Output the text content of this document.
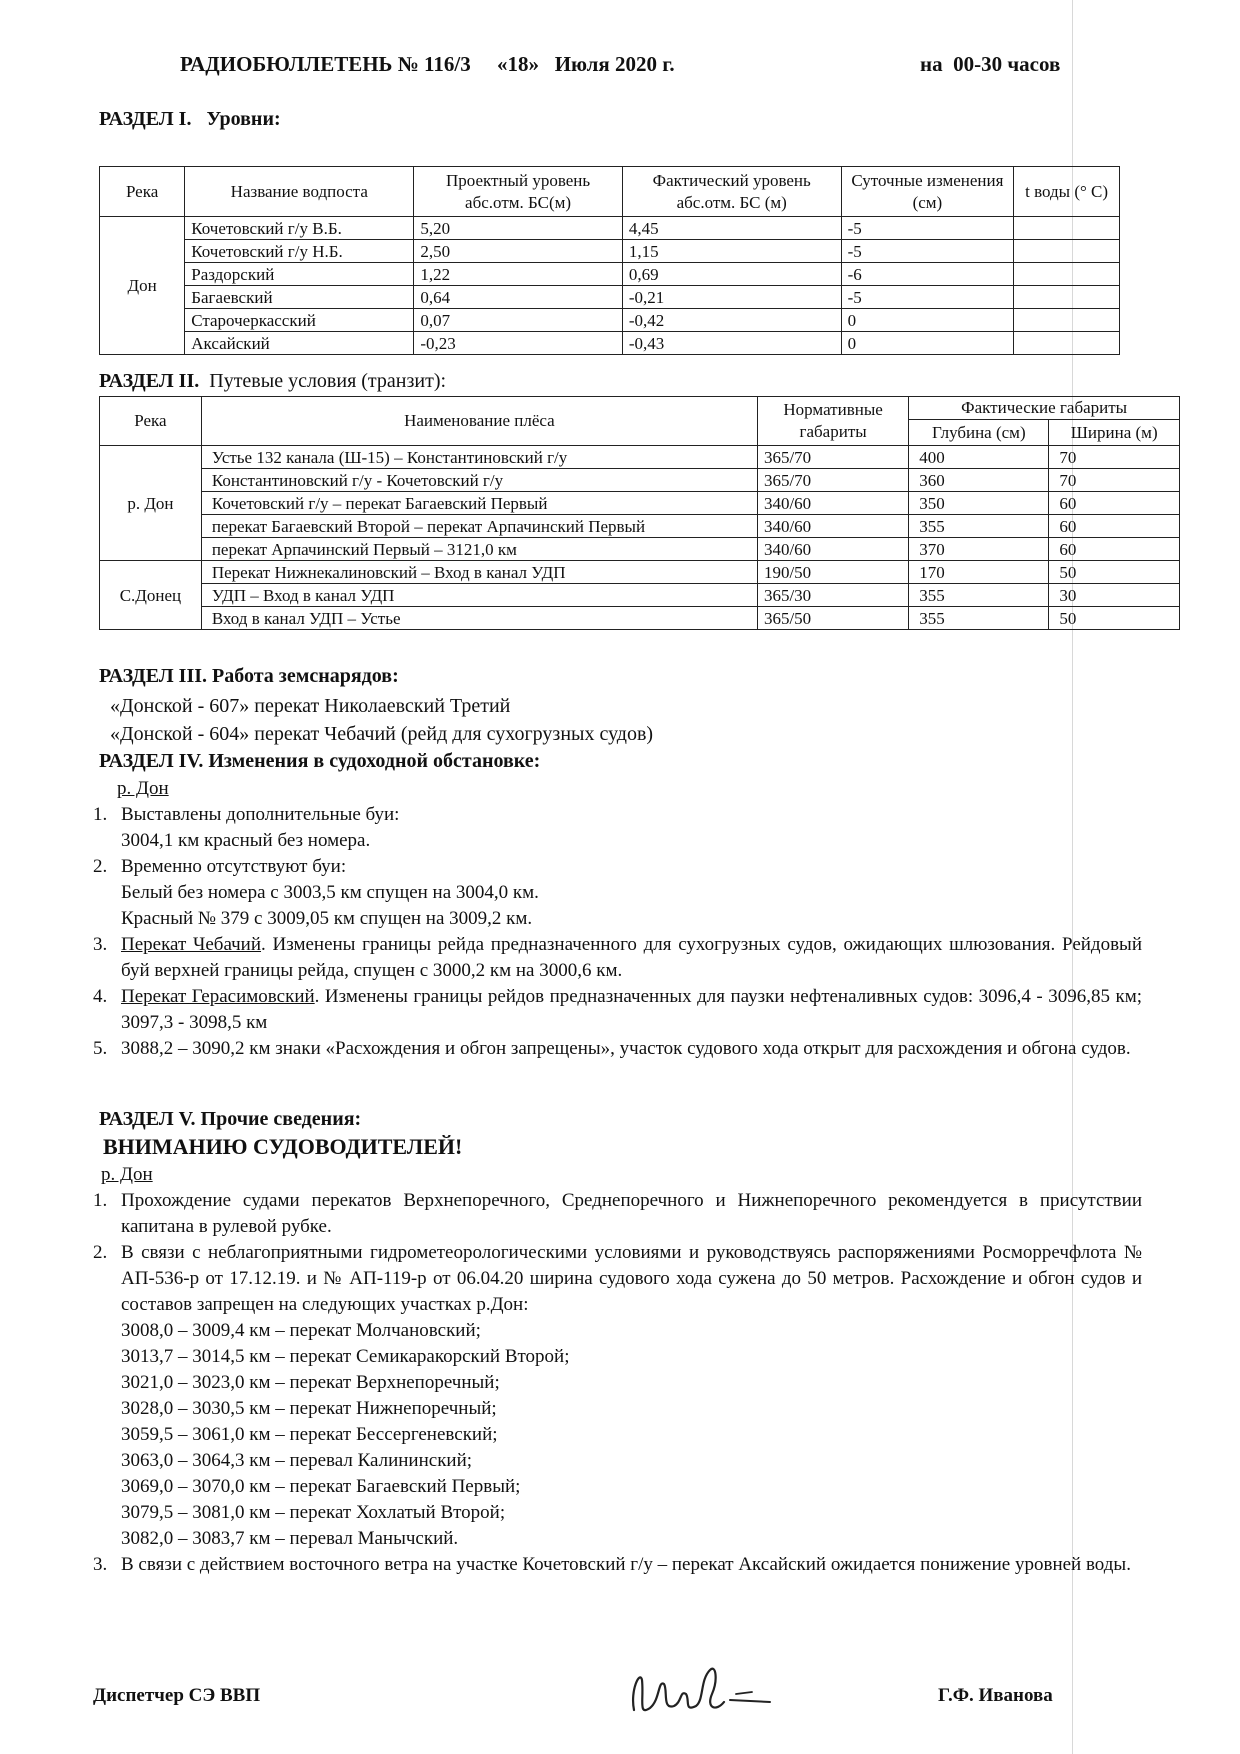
РАДИОБЮЛЛЕТЕНЬ № 116/3     «18»   Июля 2020 г.	на  00-30 часов
РАЗДЕЛ I. Уровни:
Река	Название водпоста	Проектный уровень абс.отм. БС(м)	Фактический уровень абс.отм. БС (м)	Суточные изменения (см)	t воды (° С)
Дон	Кочетовский г/у В.Б.	5,20	4,45	-5	
	Кочетовский г/у Н.Б.	2,50	1,15	-5	
	Раздорский	1,22	0,69	-6	
	Багаевский	0,64	-0,21	-5	
	Старочеркасский	0,07	-0,42	0	
	Аксайский	-0,23	-0,43	0	
РАЗДЕЛ II. Путевые условия (транзит):
Река	Наименование плёса	Нормативные габариты	Фактические габариты	
			Глубина (см)	Ширина (м)
р. Дон	Устье 132 канала (Ш-15) – Константиновский г/у	365/70	400	70
	Константиновский г/у - Кочетовский г/у	365/70	360	70
	Кочетовский г/у – перекат Багаевский Первый	340/60	350	60
	перекат Багаевский Второй – перекат Арпачинский Первый	340/60	355	60
	перекат Арпачинский Первый – 3121,0 км	340/60	370	60
С.Донец	Перекат Нижнекалиновский – Вход в канал УДП	190/50	170	50
	УДП – Вход в канал УДП	365/30	355	30
	Вход в канал УДП – Устье	365/50	355	50
РАЗДЕЛ III. Работа земснарядов:
«Донской - 607» перекат Николаевский Третий
«Донской - 604» перекат Чебачий (рейд для сухогрузных судов)
РАЗДЕЛ IV. Изменения в судоходной обстановке:
р. Дон
1. Выставлены дополнительные буи:
3004,1 км красный без номера.
2. Временно отсутствуют буи:
Белый без номера с 3003,5 км спущен на 3004,0 км.
Красный № 379 с 3009,05 км спущен на 3009,2 км.
3. Перекат Чебачий. Изменены границы рейда предназначенного для сухогрузных судов, ожидающих шлюзования. Рейдовый буй верхней границы рейда, спущен с 3000,2 км на 3000,6 км.
4. Перекат Герасимовский. Изменены границы рейдов предназначенных для паузки нефтеналивных судов: 3096,4 - 3096,85 км; 3097,3 - 3098,5 км
5. 3088,2 – 3090,2 км знаки «Расхождения и обгон запрещены», участок судового хода открыт для расхождения и обгона судов.
РАЗДЕЛ V. Прочие сведения:
ВНИМАНИЮ СУДОВОДИТЕЛЕЙ!
р. Дон
1. Прохождение судами перекатов Верхнепоречного, Среднепоречного и Нижнепоречного рекомендуется в присутствии капитана в рулевой рубке.
2. В связи с неблагоприятными гидрометеорологическими условиями и руководствуясь распоряжениями Росморречфлота № АП-536-р от 17.12.19. и № АП-119-р от 06.04.20 ширина судового хода сужена до 50 метров. Расхождение и обгон судов и составов запрещен на следующих участках р.Дон:
3008,0 – 3009,4 км – перекат Молчановский;
3013,7 – 3014,5 км – перекат Семикаракорский Второй;
3021,0 – 3023,0 км – перекат Верхнепоречный;
3028,0 – 3030,5 км – перекат Нижнепоречный;
3059,5 – 3061,0 км – перекат Бессергеневский;
3063,0 – 3064,3 км – перевал Калининский;
3069,0 – 3070,0 км – перекат Багаевский Первый;
3079,5 – 3081,0 км – перекат Хохлатый Второй;
3082,0 – 3083,7 км – перевал Манычский.
3. В связи с действием восточного ветра на участке Кочетовский г/у – перекат Аксайский ожидается понижение уровней воды.
Диспетчер СЭ ВВП	Г.Ф. Иванова
